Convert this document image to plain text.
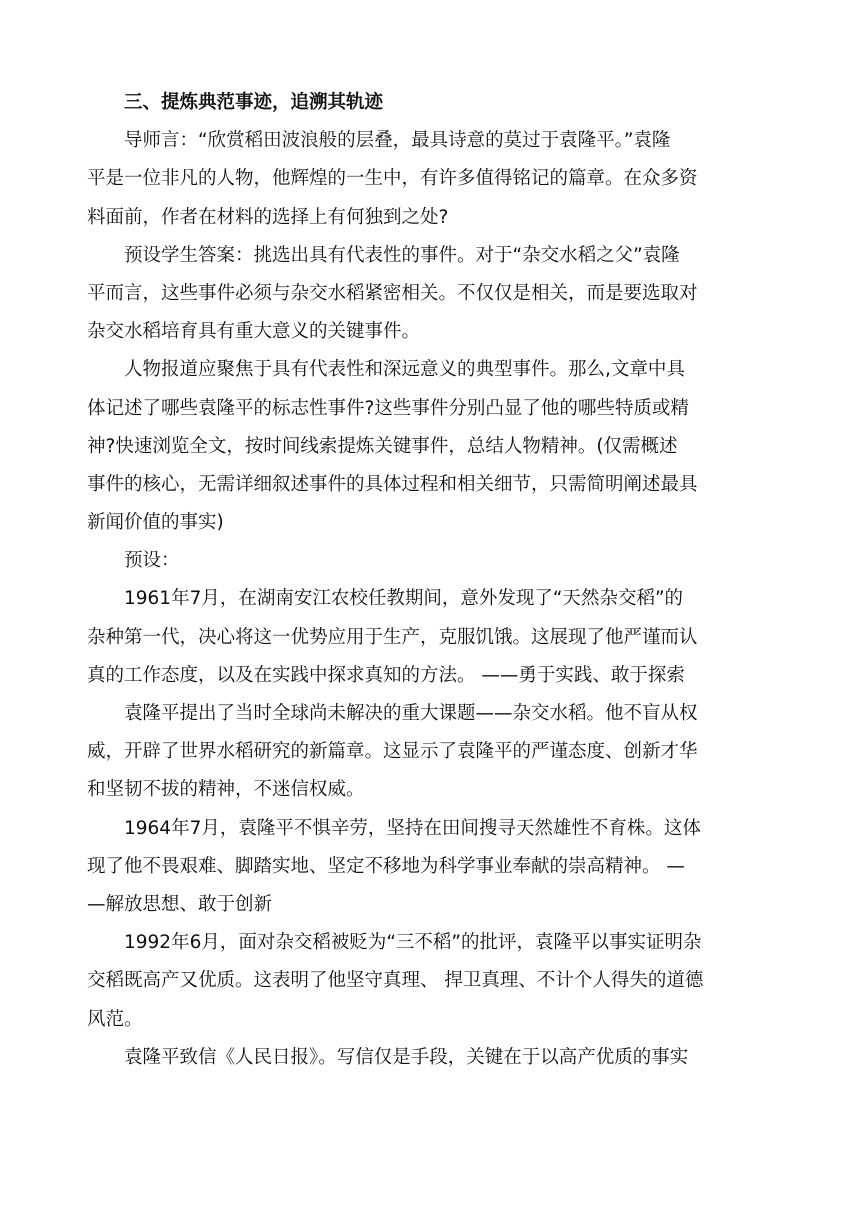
三、提炼典范事迹，追溯其轨迹
导师言：“欣赏稻田波浪般的层叠，最具诗意的莫过于袁隆平。”袁隆
平是一位非凡的人物，他辉煌的一生中，有许多值得铭记的篇章。在众多资
料面前，作者在材料的选择上有何独到之处?
预设学生答案：挑选出具有代表性的事件。对于“杂交水稻之父”袁隆
平而言，这些事件必须与杂交水稻紧密相关。不仅仅是相关，而是要选取对
杂交水稻培育具有重大意义的关键事件。
人物报道应聚焦于具有代表性和深远意义的典型事件。那么,文章中具
体记述了哪些袁隆平的标志性事件?这些事件分别凸显了他的哪些特质或精
神?快速浏览全文，按时间线索提炼关键事件，总结人物精神。(仅需概述
事件的核心，无需详细叙述事件的具体过程和相关细节，只需简明阐述最具
新闻价值的事实)
预设：
1961年7月，在湖南安江农校任教期间，意外发现了“天然杂交稻”的
杂种第一代，决心将这一优势应用于生产，克服饥饿。这展现了他严谨而认
真的工作态度，以及在实践中探求真知的方法。 ——勇于实践、敢于探索
袁隆平提出了当时全球尚未解决的重大课题——杂交水稻。他不盲从权
威，开辟了世界水稻研究的新篇章。这显示了袁隆平的严谨态度、创新才华
和坚韧不拔的精神，不迷信权威。
1964年7月，袁隆平不惧辛劳，坚持在田间搜寻天然雄性不育株。这体
现了他不畏艰难、脚踏实地、坚定不移地为科学事业奉献的崇高精神。 —
—解放思想、敢于创新
1992年6月，面对杂交稻被贬为“三不稻”的批评，袁隆平以事实证明杂
交稻既高产又优质。这表明了他坚守真理、 捍卫真理、不计个人得失的道德
风范。
袁隆平致信《人民日报》。写信仅是手段，关键在于以高产优质的事实
